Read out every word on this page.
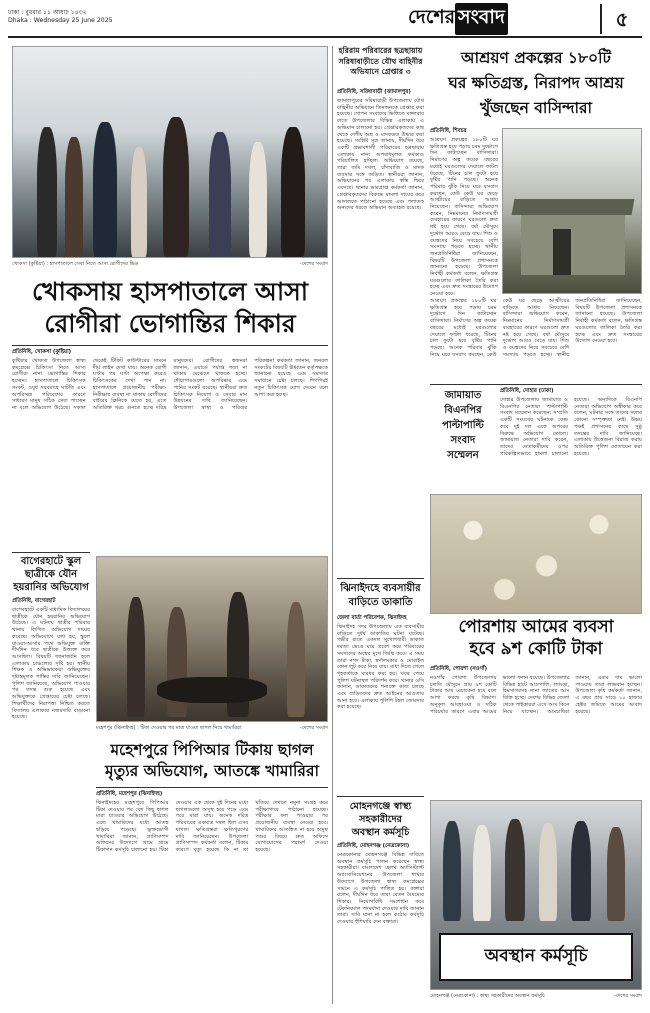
ঢাকা : বুধবার ১১ আষাঢ় ১৪৩২
Dhaka : Wednesday 25 June 2025	দেশের সংবাদ	৫
খোকসা (কুষ্টিয়া) : হাসপাতালে সেবা নিতে আসা রোগীদের ভিড়	-দেশের সংবাদ
খোকসায় হাসপাতালে আসা
রোগীরা ভোগান্তির শিকার
প্রতিনিধি, খোকসা (কুষ্টিয়া)
কুষ্টিয়ার খোকসা উপজেলা স্বাস্থ্য কমপ্লেক্সে চিকিৎসা নিতে আসা রোগীরা নানা ভোগান্তির শিকার হচ্ছেন। হাসপাতালে চিকিৎসক সংকট, ওষুধ সরবরাহে ঘাটতি এবং অপরিচ্ছন্ন পরিবেশের কারণে সাধারণ মানুষ সঠিক সেবা পাচ্ছেন না বলে অভিযোগ উঠেছে। সকাল থেকেই টিকিট কাউন্টারের সামনে দীর্ঘ লাইন দেখা যায়। অনেক রোগী ঘণ্টার পর ঘণ্টা অপেক্ষা করেও চিকিৎসকের দেখা পান না। হাসপাতালে প্রয়োজনীয় পরীক্ষা-নিরীক্ষার ব্যবস্থা না থাকায় রোগীদের বাইরের ক্লিনিকে যেতে হয়, এতে অতিরিক্ত খরচ গুনতে হচ্ছে দরিদ্র মানুষদের। রোগীদের স্বজনরা জানান, ওয়ার্ডে পর্যাপ্ত শয্যা না থাকায় মেঝেতে থাকতে হচ্ছে। শৌচাগারগুলো অপরিষ্কার এবং পানির সংকট রয়েছে। স্থানীয়রা দ্রুত চিকিৎসক নিয়োগ ও সেবার মান উন্নয়নের দাবি জানিয়েছেন। উপজেলা স্বাস্থ্য ও পরিবার পরিকল্পনা কর্মকর্তা জানান, জনবল সংকটের বিষয়টি ঊর্ধ্বতন কর্তৃপক্ষকে জানানো হয়েছে এবং সমস্যার সমাধানে চেষ্টা চলছে। শিগগিরই নতুন চিকিৎসক যোগ দেবেন বলে আশা করা হচ্ছে।
বাগেরহাটে স্কুল
ছাত্রীকে যৌন
হয়রানির অভিযোগ
প্রতিনিধি, বাগেরহাট
বাগেরহাটে একটি মাধ্যমিক বিদ্যালয়ের ছাত্রীকে যৌন হয়রানির অভিযোগ উঠেছে। এ ঘটনায় ছাত্রীর পরিবার থানায় লিখিত অভিযোগ দায়ের করেছে। অভিযোগে বলা হয়, স্কুলে যাওয়া-আসার পথে অভিযুক্ত ব্যক্তি দীর্ঘদিন ধরে ছাত্রীকে উত্ত্যক্ত করে আসছিল। বিষয়টি জানাজানি হলে এলাকায় চাঞ্চল্যের সৃষ্টি হয়। স্থানীয় শিক্ষক ও অভিভাবকরা অভিযুক্তের দৃষ্টান্তমূলক শাস্তির দাবি জানিয়েছেন। পুলিশ জানিয়েছে, অভিযোগ পাওয়ার পর তদন্ত শুরু হয়েছে এবং অভিযুক্তকে গ্রেপ্তারের চেষ্টা চলছে। শিক্ষার্থীদের নিরাপত্তা নিশ্চিত করতে বিদ্যালয় এলাকায় নজরদারি বাড়ানো হয়েছে।
মহেশপুর (ঝিনাইদহ) : টিকা দেওয়ার পর মারা যাওয়া ছাগল নিয়ে খামারিরা	-দেশের সংবাদ
মহেশপুরে পিপিআর টিকায় ছাগল
মৃত্যুর অভিযোগ, আতঙ্কে খামারিরা
প্রতিনিধি, মহেশপুর (ঝিনাইদহ)
ঝিনাইদহের মহেশপুরে পিপিআর টিকা দেওয়ার পর বেশ কিছু ছাগল মারা যাওয়ার অভিযোগ উঠেছে। এতে খামারিদের মধ্যে আতঙ্ক ছড়িয়ে পড়েছে। ভুক্তভোগী খামারিরা জানান, প্রাণিসম্পদ অফিসের উদ্যোগে গ্রামে গ্রামে টিকাদান কর্মসূচি চালানো হয়। টিকা দেওয়ার এক থেকে দুই দিনের মধ্যে ছাগলগুলো অসুস্থ হয়ে পড়ে এবং পরে মারা যায়। অনেক দরিদ্র পরিবারের একমাত্র সম্বল ছিল এসব ছাগল। ক্ষতিগ্রস্তরা ক্ষতিপূরণের দাবি জানিয়েছেন। উপজেলা প্রাণিসম্পদ কর্মকর্তা বলেন, টিকার কারণে মৃত্যু হয়েছে কি না তা খতিয়ে দেখতে নমুনা সংগ্রহ করে পরীক্ষাগারে পাঠানো হয়েছে। পরীক্ষার ফল পাওয়ার পর প্রয়োজনীয় ব্যবস্থা নেওয়া হবে। খামারিদের আতঙ্কিত না হয়ে অসুস্থ পশুর বিষয়ে দ্রুত অফিসে যোগাযোগের পরামর্শ দেওয়া হয়েছে।
হরিরাম পরিবারের ছত্রছায়ায়
সরিষাবাড়ীতে যৌথ বাহিনীর
অভিযানে গ্রেপ্তার ৩
প্রতিনিধি, সরিষাবাড়ী (জামালপুর)
জামালপুরের সরিষাবাড়ী উপজেলায় যৌথ বাহিনীর অভিযানে তিনজনকে গ্রেপ্তার করা হয়েছে। গোপন সংবাদের ভিত্তিতে মঙ্গলবার রাতে উপজেলার বিভিন্ন এলাকায় এ অভিযান চালানো হয়। গ্রেপ্তারকৃতদের কাছ থেকে দেশীয় অস্ত্র ও মাদকদ্রব্য উদ্ধার করা হয়েছে। সংশ্লিষ্ট সূত্র জানায়, দীর্ঘদিন ধরে একটি প্রভাবশালী পরিবারের ছত্রছায়ায় এলাকায় নানা অপরাধমূলক কর্মকাণ্ড পরিচালিত হচ্ছিল। অভিযোগ রয়েছে, তারা জমি দখল, চাঁদাবাজি ও মাদক ব্যবসার সঙ্গে জড়িত। স্থানীয়রা জানান, অভিযানের পর এলাকায় স্বস্তি ফিরে এসেছে। থানার ভারপ্রাপ্ত কর্মকর্তা জানান, গ্রেপ্তারকৃতদের বিরুদ্ধে মামলা দায়ের করে আদালতে পাঠানো হয়েছে এবং পলাতক অন্যদের ধরতে অভিযান অব্যাহত রয়েছে।
আশ্রয়ণ প্রকল্পের ১৮০টি
ঘর ক্ষতিগ্রস্ত, নিরাপদ আশ্রয়
খুঁজছেন বাসিন্দারা
প্রতিনিধি, শিবচর
আশ্রয়ণ প্রকল্পের ১৮০টি ঘর ক্ষতিগ্রস্ত হয়ে পড়ায় চরম দুর্ভোগে দিন কাটাচ্ছেন বাসিন্দারা। নির্মাণের অল্প কয়েক বছরের মধ্যেই ঘরগুলোর দেয়ালে ফাটল ধরেছে, টিনের চাল ফুটো হয়ে বৃষ্টির পানি পড়ছে। অনেক পরিবার ঝুঁকি নিয়ে ঘরে বসবাস করছেন, কেউ কেউ ঘর ছেড়ে আত্মীয়ের বাড়িতে আশ্রয় নিয়েছেন। বাসিন্দারা অভিযোগ করেন, নিম্নমানের নির্মাণসামগ্রী ব্যবহারের কারণে ঘরগুলো দ্রুত নষ্ট হয়ে গেছে। বর্ষা মৌসুমে দুর্ভোগ আরও বেড়ে যায়। শিশু ও বয়স্কদের নিয়ে সবচেয়ে বেশি সমস্যায় পড়তে হচ্ছে। স্থানীয় জনপ্রতিনিধিরা জানিয়েছেন, বিষয়টি উপজেলা প্রশাসনকে জানানো হয়েছে। উপজেলা নির্বাহী কর্মকর্তা বলেন, ক্ষতিগ্রস্ত ঘরগুলোর তালিকা তৈরি করা হচ্ছে এবং দ্রুত সংস্কারের উদ্যোগ নেওয়া হবে।
আশ্রয়ণ প্রকল্পের ১৮০টি ঘর ক্ষতিগ্রস্ত হয়ে পড়ায় চরম দুর্ভোগে দিন কাটাচ্ছেন বাসিন্দারা। নির্মাণের অল্প কয়েক বছরের মধ্যেই ঘরগুলোর দেয়ালে ফাটল ধরেছে, টিনের চাল ফুটো হয়ে বৃষ্টির পানি পড়ছে। অনেক পরিবার ঝুঁকি নিয়ে ঘরে বসবাস করছেন, কেউ কেউ ঘর ছেড়ে আত্মীয়ের বাড়িতে আশ্রয় নিয়েছেন। বাসিন্দারা অভিযোগ করেন, নিম্নমানের নির্মাণসামগ্রী ব্যবহারের কারণে ঘরগুলো দ্রুত নষ্ট হয়ে গেছে। বর্ষা মৌসুমে দুর্ভোগ আরও বেড়ে যায়। শিশু ও বয়স্কদের নিয়ে সবচেয়ে বেশি সমস্যায় পড়তে হচ্ছে। স্থানীয় জনপ্রতিনিধিরা জানিয়েছেন, বিষয়টি উপজেলা প্রশাসনকে জানানো হয়েছে। উপজেলা নির্বাহী কর্মকর্তা বলেন, ক্ষতিগ্রস্ত ঘরগুলোর তালিকা তৈরি করা হচ্ছে এবং দ্রুত সংস্কারের উদ্যোগ নেওয়া হবে।
জামায়াত
বিএনপির
পাল্টাপাল্টি
সংবাদ
সম্মেলন
প্রতিনিধি, দোহার (ঢাকা)
দোহার উপজেলায় জামায়াত ও বিএনপির নেতারা পাল্টাপাল্টি সংবাদ সম্মেলন করেছেন। সম্প্রতি একটি সংঘর্ষের ঘটনাকে কেন্দ্র করে দুই দল একে অপরের বিরুদ্ধে অভিযোগ তোলে। জামায়াত নেতারা দাবি করেন, তাদের নেতাকর্মীদের ওপর পরিকল্পিতভাবে হামলা চালানো হয়েছে। অন্যদিকে বিএনপি নেতারা অভিযোগ অস্বীকার করে বলেন, ঘটনার সঙ্গে তাদের দলের কোনো সম্পৃক্ততা নেই। উভয় পক্ষই প্রশাসনের কাছে সুষ্ঠু তদন্তের দাবি জানিয়েছে। এলাকায় উত্তেজনা বিরাজ করায় অতিরিক্ত পুলিশ মোতায়েন করা হয়েছে।
ঝিনাইদহে ব্যবসায়ীর
বাড়িতে ডাকাতি
জেলা বার্তা পরিবেশক, ঝিনাইদহ
ঝিনাইদহ সদর উপজেলায় এক ব্যবসায়ীর বাড়িতে দুর্ধর্ষ ডাকাতির ঘটনা ঘটেছে। গভীর রাতে একদল মুখোশধারী ডাকাত দরজা ভেঙে ঘরে প্রবেশ করে পরিবারের সদস্যদের অস্ত্রের মুখে জিম্মি করে। এ সময় তারা নগদ টাকা, স্বর্ণালংকার ও মোবাইল ফোন লুট করে নিয়ে যায়। বাধা দিতে গেলে গৃহকর্তাকে মারধর করা হয়। খবর পেয়ে পুলিশ ঘটনাস্থল পরিদর্শন করে। থানার ওসি জানান, ডাকাতদের শনাক্তে কাজ চলছে এবং জড়িতদের দ্রুত আইনের আওতায় আনা হবে। এলাকায় পুলিশি টহল জোরদার করা হয়েছে।
পোরশায় আমের ব্যবসা
হবে ৯শ কোটি টাকা
প্রতিনিধি, পোরশা (নওগাঁ)
নওগাঁর পোরশা উপজেলায় চলতি মৌসুমে প্রায় ৯শ কোটি টাকার আম বেচাকেনা হবে বলে আশা করছে কৃষি বিভাগ। অনুকূল আবহাওয়া ও সঠিক পরিচর্যার কারণে এবার আমের ভালো ফলন হয়েছে। উপজেলার বিভিন্ন হাটে আম্রপালি, ল্যাংড়া, হিমসাগরসহ নানা জাতের আম বিক্রি হচ্ছে। দেশের বিভিন্ন জেলা থেকে পাইকাররা এসে আম কিনে নিয়ে যাচ্ছেন। আমচাষিরা জানান, এবার দাম ভালো পাওয়ায় তারা লাভবান হচ্ছেন। উপজেলা কৃষি কর্মকর্তা জানান, এ বছর প্রায় সাড়ে ১০ হাজার হেক্টর জমিতে আমের আবাদ হয়েছে।
মোহনগঞ্জে স্বাস্থ্য
সহকারীদের
অবস্থান কর্মসূচি
প্রতিনিধি, মোহনগঞ্জ (নেত্রকোনা)
নেত্রকোনার মোহনগঞ্জে বিভিন্ন দাবিতে অবস্থান কর্মসূচি পালন করেছেন স্বাস্থ্য সহকারীরা। বাংলাদেশ হেলথ অ্যাসিস্ট্যান্ট অ্যাসোসিয়েশনের উপজেলা শাখার উদ্যোগে উপজেলা স্বাস্থ্য কমপ্লেক্সের সামনে এ কর্মসূচি পালিত হয়। বক্তারা বলেন, দীর্ঘদিন ধরে তারা বেতন বৈষম্যের শিকার। নিয়োগবিধি সংশোধন করে টেকনিক্যাল পদমর্যাদা দেওয়ার দাবি জানান তারা। দাবি মানা না হলে কঠোর কর্মসূচি দেওয়ার হুঁশিয়ারি দেন বক্তারা।
অবস্থান কর্মসূচি
মোহনগঞ্জ (নেত্রকোনা) : স্বাস্থ্য সহকারীদের অবস্থান কর্মসূচি	-দেশের সংবাদ
